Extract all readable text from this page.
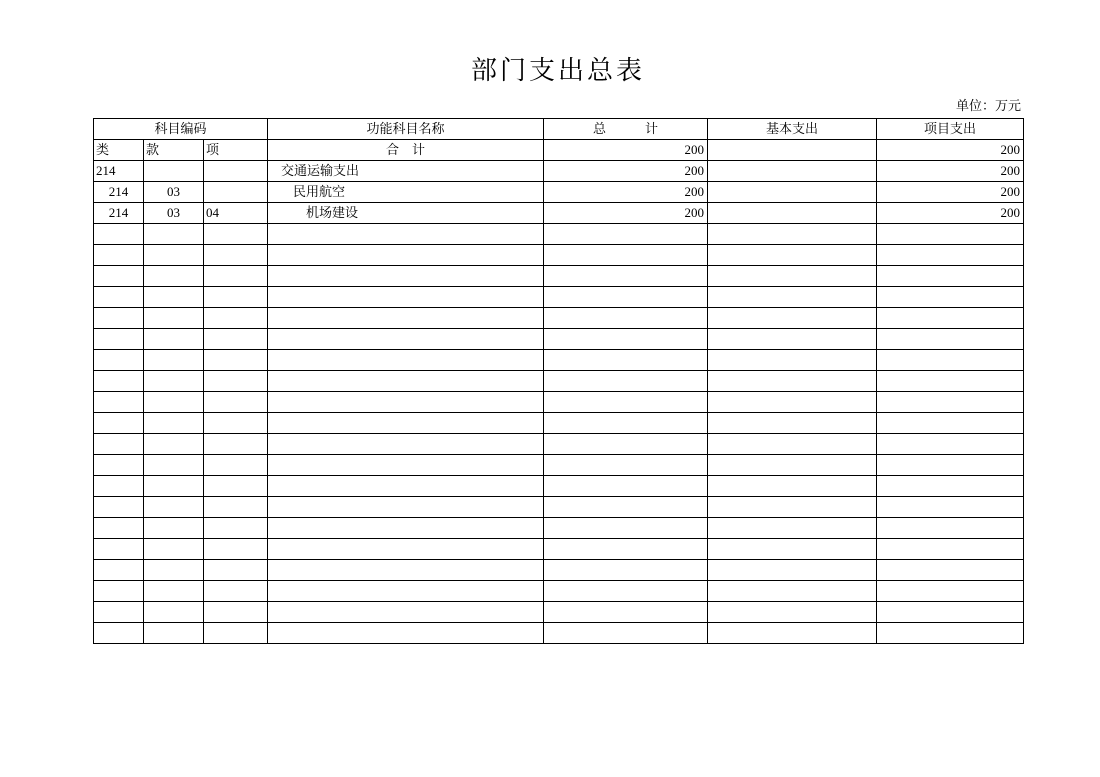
部门支出总表
单位：万元
科目编码			功能科目名称	总　　　计	基本支出	项目支出
类	款	项	合　计	200		200
214			交通运输支出	200		200
214	03		民用航空	200		200
214	03	04	机场建设	200		200
